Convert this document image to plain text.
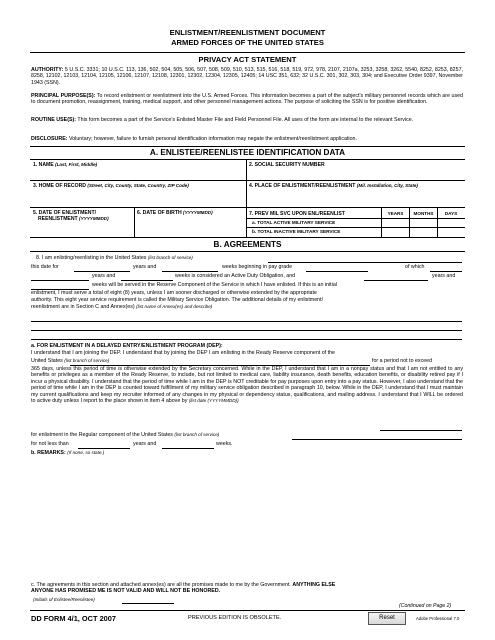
ENLISTMENT/REENLISTMENT DOCUMENT
ARMED FORCES OF THE UNITED STATES
PRIVACY ACT STATEMENT
AUTHORITY: 5 U.S.C. 3331; 10 U.S.C. 113, 136, 502, 504, 505, 506, 507, 508, 509, 510, 513, 515, 516, 518, 519, 972, 978, 2107, 2107a, 3253, 3258, 3262, 5540, 8252, 8253, 8257, 8258, 12102, 12103, 12104, 12105, 12106, 12107, 12108, 12301, 12302, 12304, 12305, 12405; 14 USC 351, 632; 32 U.S.C. 301, 302, 303, 304; and Executive Order 9397, November 1943 (SSN).
PRINCIPAL PURPOSE(S): To record enlistment or reenlistment into the U.S. Armed Forces. This information becomes a part of the subject's military personnel records which are used to document promotion, reassignment, training, medical support, and other personnel management actions. The purpose of soliciting the SSN is for positive identification.
ROUTINE USE(S): This form becomes a part of the Service's Enlisted Master File and Field Personnel File. All uses of the form are internal to the relevant Service.
DISCLOSURE: Voluntary; however, failure to furnish personal identification information may negate the enlistment/reenlistment application.
A. ENLISTEE/REENLISTEE IDENTIFICATION DATA
1. NAME (Last, First, Middle)	2. SOCIAL SECURITY NUMBER
3. HOME OF RECORD (Street, City, County, State, Country, ZIP Code)	4. PLACE OF ENLISTMENT/REENLISTMENT (Mil. Installation, City, State)
5. DATE OF ENLISTMENT/
REENLISTMENT (YYYYMMDD)
6. DATE OF BIRTH (YYYYMMDD)	7. PREV MIL SVC UPON ENL/REENLIST	YEARS	MONTHS	DAYS
a. TOTAL ACTIVE MILITARY SERVICE
b. TOTAL INACTIVE MILITARY SERVICE
B. AGREEMENTS
8. I am enlisting/reenlisting in the United States (list branch of service)
this date for	years and	weeks beginning in pay grade	of which
years and	weeks is considered an Active Duty Obligation, and	years and
weeks will be served in the Reserve Component of the Service in which I have enlisted. If this is an initial
enlistment, I must serve a total of eight (8) years, unless I am sooner discharged or otherwise extended by the appropriate
authority. This eight year service requirement is called the Military Service Obligation. The additional details of my enlistment/
reenlistment are in Section C and Annex(es) (list name of Annex(es) and describe)
a. FOR ENLISTMENT IN A DELAYED ENTRY/ENLISTMENT PROGRAM (DEP):
I understand that I am joining the DEP. I understand that by joining the DEP I am enlisting in the Ready Reserve component of the
United States (list branch of service)	for a period not to exceed
365 days, unless this period of time is otherwise extended by the Secretary concerned. While in the DEP, I understand that I am in a nonpay status and that I am not entitled to any benefits or privileges as a member of the Ready Reserve, to include, but not limited to medical care, liability insurance, death benefits, education benefits, or disability retired pay if I incur a physical disability. I understand that the period of time while I am in the DEP is NOT creditable for pay purposes upon entry into a pay status. However, I also understand that the period of time while I am in the DEP is counted toward fulfillment of my military service obligation described in paragraph 10, below. While in the DEP, I understand that I must maintain my current qualifications and keep my recruiter informed of any changes in my physical or dependency status, qualifications, and mailing address. I understand that I WILL be ordered to active duty unless I report to the place shown in item 4 above by (list date (YYYYMMDD))
for enlistment in the Regular component of the United States (list branch of service)
for not less than	years and	weeks.
b. REMARKS: (If none, so state.)
c. The agreements in this section and attached annex(es) are all the promises made to me by the Government. ANYTHING ELSE
ANYONE HAS PROMISED ME IS NOT VALID AND WILL NOT BE HONORED.
(Initials of Enlistee/Reenlistee)
(Continued on Page 2)
DD FORM 4/1, OCT 2007	PREVIOUS EDITION IS OBSOLETE.	Reset	Adobe Professional 7.0
